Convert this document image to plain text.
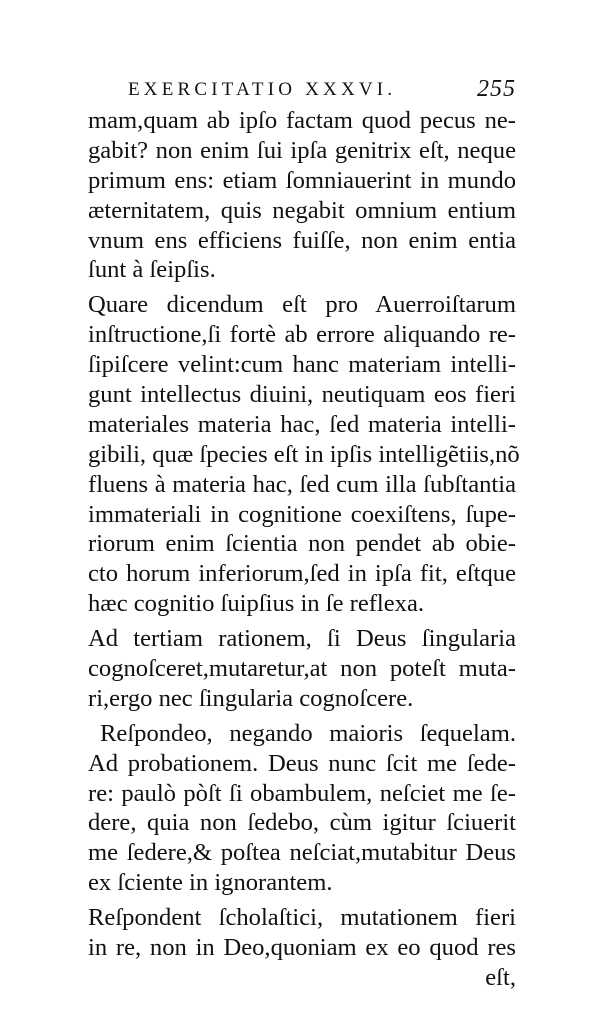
EXERCITATIO XXXVI.	255
mam,quam ab ipſo factam quod pecus ne-
gabit? non enim ſui ipſa genitrix eſt, neque
primum ens: etiam ſomniauerint in mundo
æternitatem, quis negabit omnium entium
vnum ens efficiens fuiſſe, non enim entia
ſunt à ſeipſis.
Quare dicendum eſt pro Auerroiſtarum
inſtructione,ſi fortè ab errore aliquando re-
ſipiſcere velint:cum hanc materiam intelli-
gunt intellectus diuini, neutiquam eos fieri
materiales materia hac, ſed materia intelli-
gibili, quæ ſpecies eſt in ipſis intelligẽtiis,nõ
fluens à materia hac, ſed cum illa ſubſtantia
immateriali in cognitione coexiſtens, ſupe-
riorum enim ſcientia non pendet ab obie-
cto horum inferiorum,ſed in ipſa fit, eſtque
hæc cognitio ſuipſius in ſe reflexa.
Ad tertiam rationem, ſi Deus ſingularia
cognoſceret,mutaretur,at non poteſt muta-
ri,ergo nec ſingularia cognoſcere.
Reſpondeo, negando maioris ſequelam.
Ad probationem. Deus nunc ſcit me ſede-
re: paulò pòſt ſi obambulem, neſciet me ſe-
dere, quia non ſedebo, cùm igitur ſciuerit
me ſedere,& poſtea neſciat,mutabitur Deus
ex ſciente in ignorantem.
Reſpondent ſcholaſtici, mutationem fieri
in re, non in Deo,quoniam ex eo quod res
eſt,
